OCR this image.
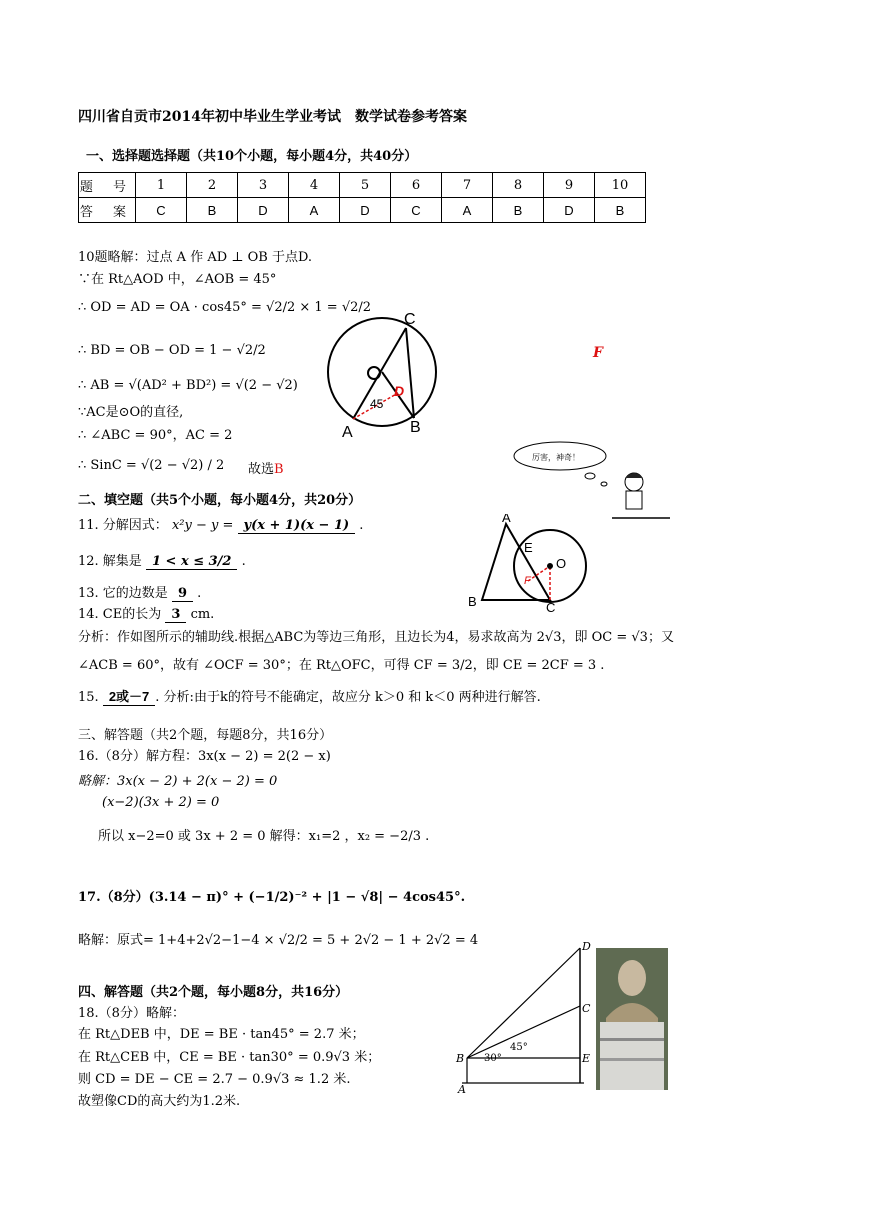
四川省自贡市2014年初中毕业生学业考试　数学试卷参考答案
一、选择题选择题（共10个小题，每小题4分，共40分）
题 号	1	2	3	4	5	6	7	8	9	10
答 案	C	B	D	A	D	C	A	B	D	B
10题略解：过点 A 作 AD ⊥ OB 于点D.
∵在 Rt△AOD 中，∠AOB = 45°
∴ OD = AD = OA · cos45° = √2/2 × 1 = √2/2
∴ BD = OB − OD = 1 − √2/2
∴ AB = √(AD² + BD²) = √(2 − √2)
∵AC是⊙O的直径,
∴ ∠ABC = 90°，AC = 2
∴ SinC = √(2 − √2) / 2 故选B
C
D
45
A	B
F
厉害，神奇！
二、填空题（共5个小题，每小题4分，共20分）
11. 分解因式： x²y − y = y(x + 1)(x − 1) .
12. 解集是 1 < x ≤ 3/2 .
13. 它的边数是 9 .
14. CE的长为 3 cm.
A
B	C
E
F
O
分析：作如图所示的辅助线.根据△ABC为等边三角形，且边长为4，易求故高为 2√3，即 OC = √3；又
∠ACB = 60°，故有 ∠OCF = 30°；在 Rt△OFC，可得 CF = 3/2，即 CE = 2CF = 3 .
15. 2或－7 . 分析:由于k的符号不能确定，故应分 k＞0 和 k＜0 两种进行解答.
三、解答题（共2个题，每题8分，共16分）
16.（8分）解方程：3x(x − 2) = 2(2 − x)
略解：3x(x − 2) + 2(x − 2) = 0
(x−2)(3x + 2) = 0
所以 x−2=0 或 3x + 2 = 0 解得：x₁=2 ，x₂ = −2/3 .
17.（8分）(3.14 − π)° + (−1/2)⁻² + |1 − √8| − 4cos45°.
略解：原式= 1+4+2√2−1−4 × √2/2 = 5 + 2√2 − 1 + 2√2 = 4
四、解答题（共2个题，每小题8分，共16分）
18.（8分）略解：
在 Rt△DEB 中，DE = BE · tan45° = 2.7 米；
在 Rt△CEB 中，CE = BE · tan30° = 0.9√3 米；
则 CD = DE − CE = 2.7 − 0.9√3 ≈ 1.2 米.
故塑像CD的高大约为1.2米.
D
C
B	E
A
45°
30°
